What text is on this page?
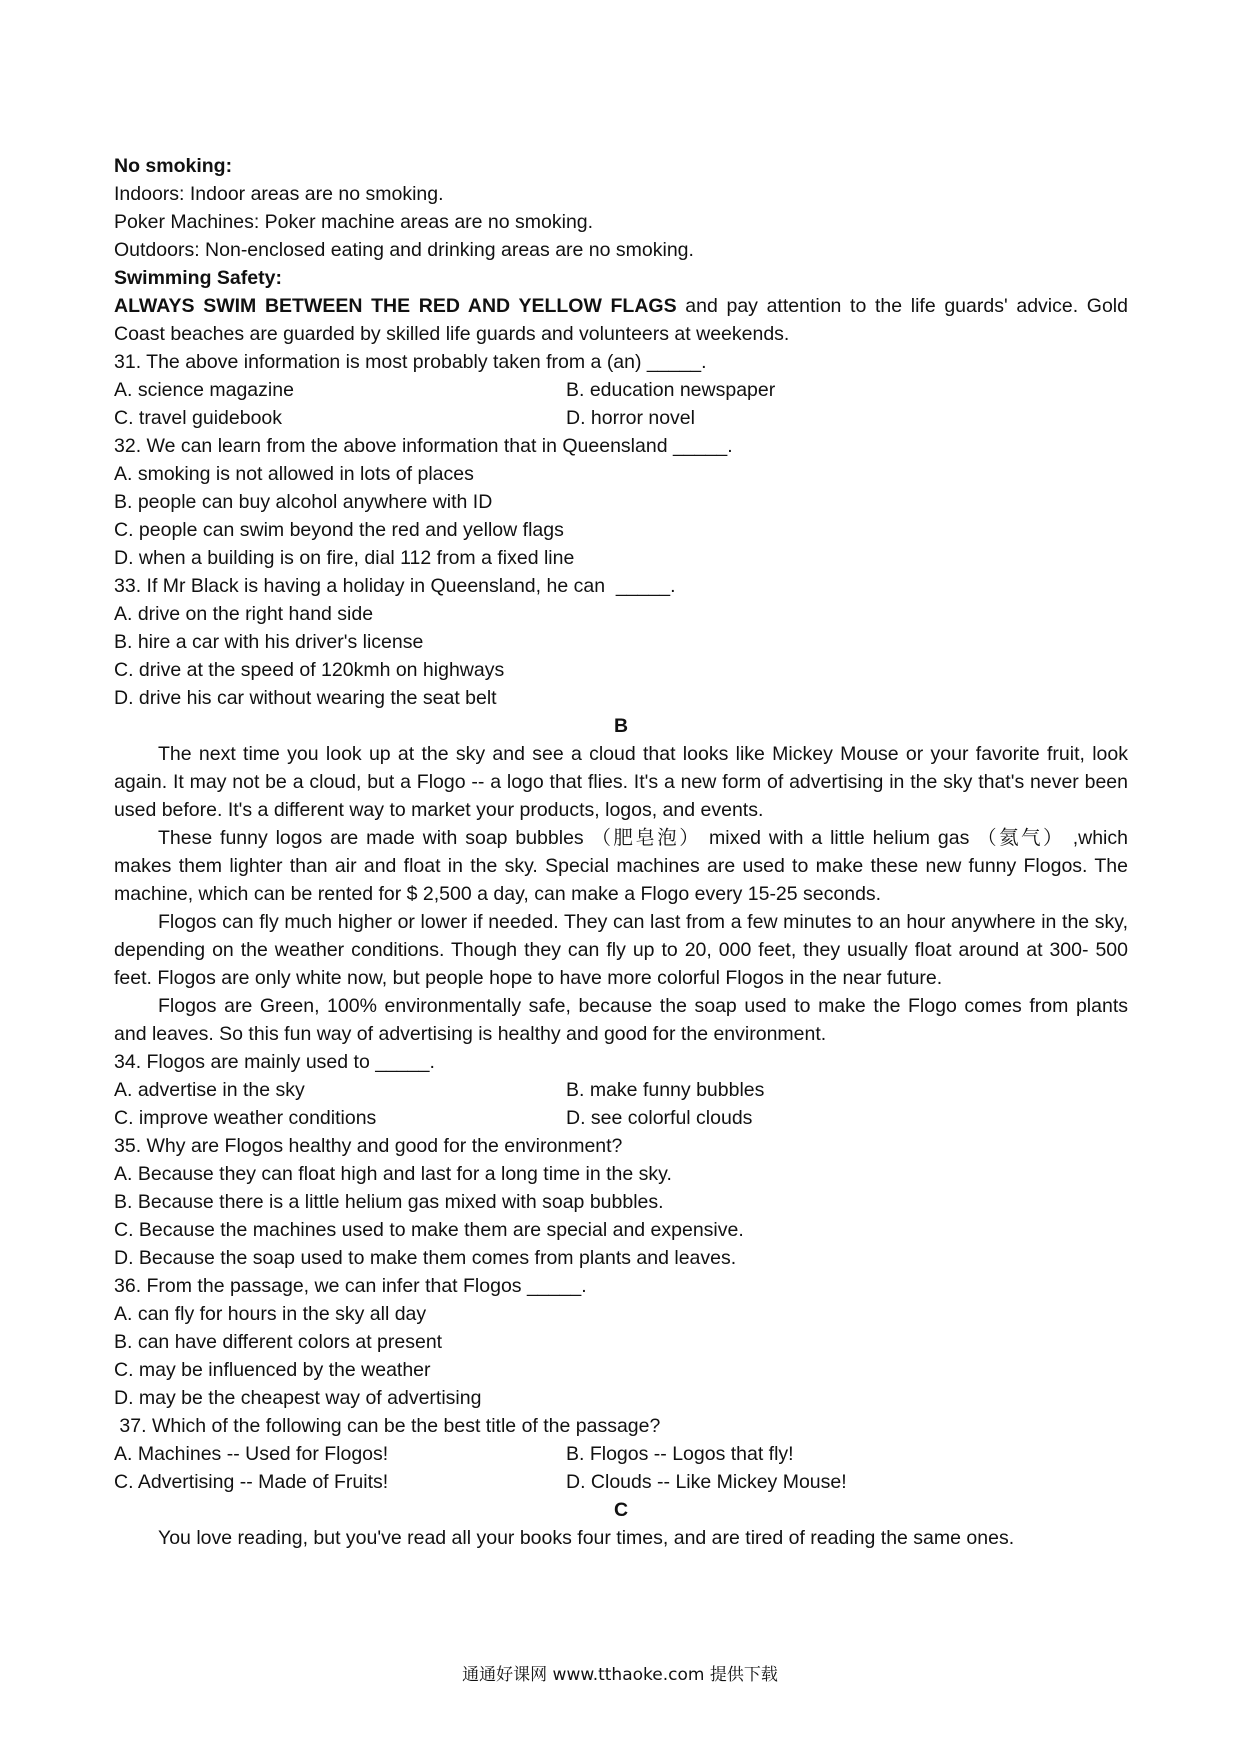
No smoking:
Indoors: Indoor areas are no smoking.
Poker Machines: Poker machine areas are no smoking.
Outdoors: Non-enclosed eating and drinking areas are no smoking.
Swimming Safety:
ALWAYS SWIM BETWEEN THE RED AND YELLOW FLAGS and pay attention to the life guards' advice. Gold
Coast beaches are guarded by skilled life guards and volunteers at weekends.
31. The above information is most probably taken from a (an) _____.
A. science magazine	B. education newspaper
C. travel guidebook	D. horror novel
32. We can learn from the above information that in Queensland _____.
A. smoking is not allowed in lots of places
B. people can buy alcohol anywhere with ID
C. people can swim beyond the red and yellow flags
D. when a building is on fire, dial 112 from a fixed line
33. If Mr Black is having a holiday in Queensland, he can  _____.
A. drive on the right hand side
B. hire a car with his driver's license
C. drive at the speed of 120kmh on highways
D. drive his car without wearing the seat belt
B
The next time you look up at the sky and see a cloud that looks like Mickey Mouse or your favorite fruit, look again. It may not be a cloud, but a Flogo -- a logo that flies. It's a new form of advertising in the sky that's never been used before. It's a different way to market your products, logos, and events.
These funny logos are made with soap bubbles （肥皂泡） mixed with a little helium gas （氦气） ,which makes them lighter than air and float in the sky. Special machines are used to make these new funny Flogos. The machine, which can be rented for $ 2,500 a day, can make a Flogo every 15-25 seconds.
Flogos can fly much higher or lower if needed. They can last from a few minutes to an hour anywhere in the sky, depending on the weather conditions. Though they can fly up to 20, 000 feet, they usually float around at 300- 500 feet. Flogos are only white now, but people hope to have more colorful Flogos in the near future.
Flogos are Green, 100% environmentally safe, because the soap used to make the Flogo comes from plants and leaves. So this fun way of advertising is healthy and good for the environment.
34. Flogos are mainly used to _____.
A. advertise in the sky	B. make funny bubbles
C. improve weather conditions	D. see colorful clouds
35. Why are Flogos healthy and good for the environment?
A. Because they can float high and last for a long time in the sky.
B. Because there is a little helium gas mixed with soap bubbles.
C. Because the machines used to make them are special and expensive.
D. Because the soap used to make them comes from plants and leaves.
36. From the passage, we can infer that Flogos _____.
A. can fly for hours in the sky all day
B. can have different colors at present
C. may be influenced by the weather
D. may be the cheapest way of advertising
37. Which of the following can be the best title of the passage?
A. Machines -- Used for Flogos!	B. Flogos -- Logos that fly!
C. Advertising -- Made of Fruits!	D. Clouds -- Like Mickey Mouse!
C
You love reading, but you've read all your books four times, and are tired of reading the same ones.
通通好课网 www.tthaoke.com 提供下载
